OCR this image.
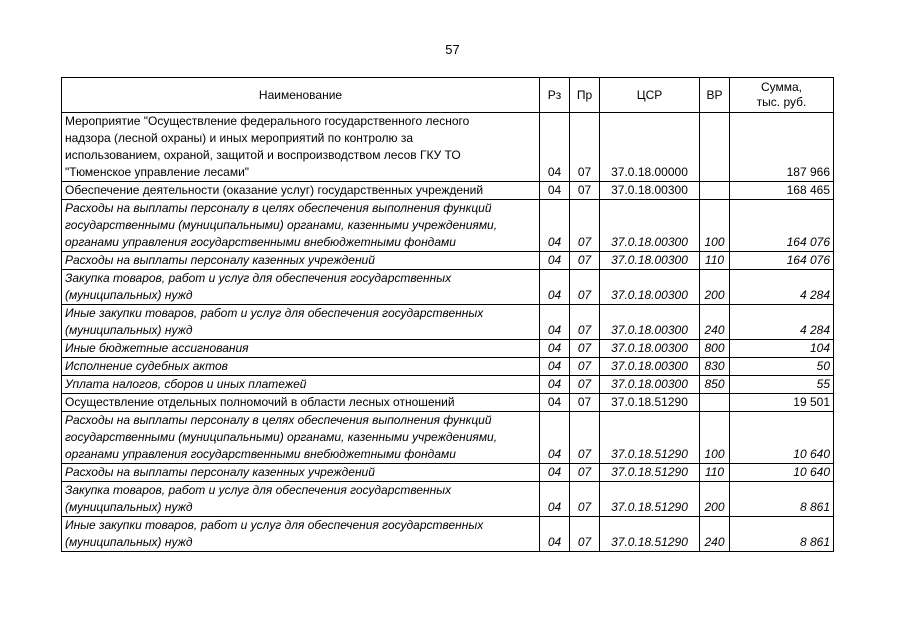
57
Наименование	Рз	Пр	ЦСР	ВР	Сумма,
тыс. руб.
Мероприятие "Осуществление федерального государственного лесного
надзора (лесной охраны) и иных мероприятий по контролю за
использованием, охраной, защитой и воспроизводством лесов ГКУ ТО
"Тюменское управление лесами"	04	07	37.0.18.00000		187 966
Обеспечение деятельности (оказание услуг) государственных учреждений	04	07	37.0.18.00300		168 465
Расходы на выплаты персоналу в целях обеспечения выполнения функций
государственными (муниципальными) органами, казенными учреждениями,
органами управления государственными внебюджетными фондами	04	07	37.0.18.00300	100	164 076
Расходы на выплаты персоналу казенных учреждений	04	07	37.0.18.00300	110	164 076
Закупка товаров, работ и услуг для обеспечения государственных
(муниципальных) нужд	04	07	37.0.18.00300	200	4 284
Иные закупки товаров, работ и услуг для обеспечения государственных
(муниципальных) нужд	04	07	37.0.18.00300	240	4 284
Иные бюджетные ассигнования	04	07	37.0.18.00300	800	104
Исполнение судебных актов	04	07	37.0.18.00300	830	50
Уплата налогов, сборов и иных платежей	04	07	37.0.18.00300	850	55
Осуществление отдельных полномочий в области лесных отношений	04	07	37.0.18.51290		19 501
Расходы на выплаты персоналу в целях обеспечения выполнения функций
государственными (муниципальными) органами, казенными учреждениями,
органами управления государственными внебюджетными фондами	04	07	37.0.18.51290	100	10 640
Расходы на выплаты персоналу казенных учреждений	04	07	37.0.18.51290	110	10 640
Закупка товаров, работ и услуг для обеспечения государственных
(муниципальных) нужд	04	07	37.0.18.51290	200	8 861
Иные закупки товаров, работ и услуг для обеспечения государственных
(муниципальных) нужд	04	07	37.0.18.51290	240	8 861
